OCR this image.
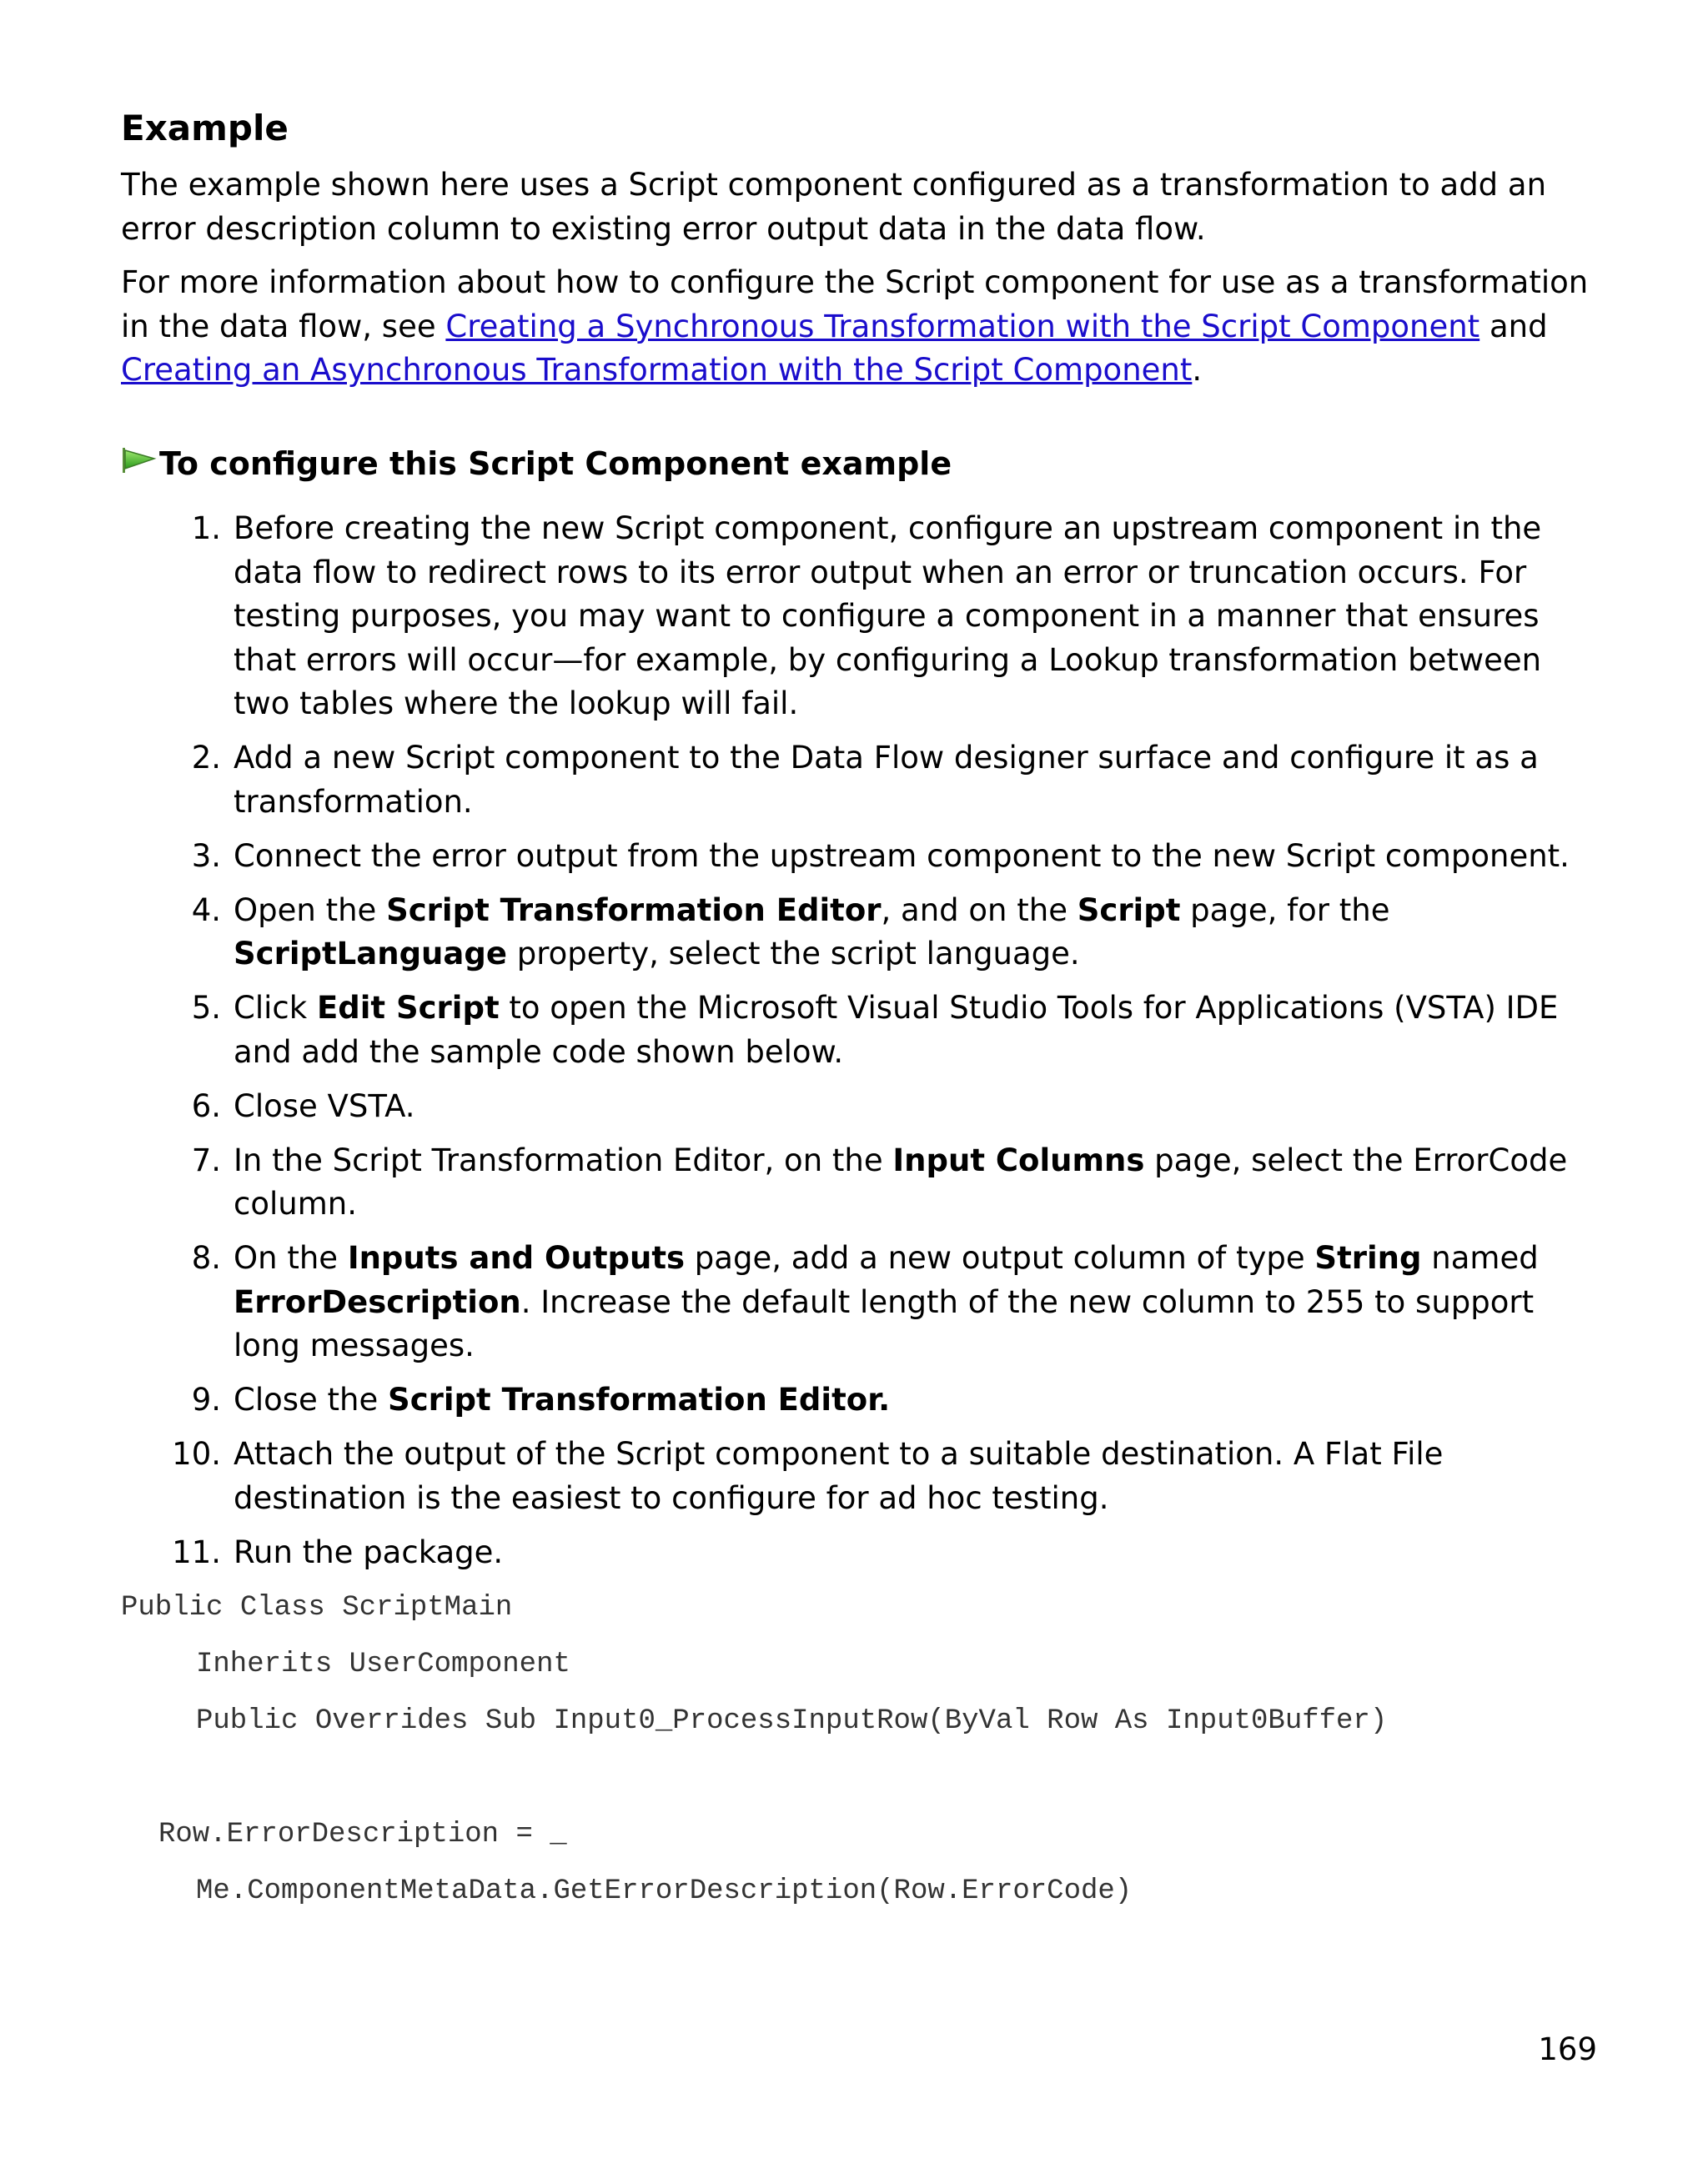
Example

The example shown here uses a Script component configured as a transformation to add an error description column to existing error output data in the data flow.

For more information about how to configure the Script component for use as a transformation in the data flow, see Creating a Synchronous Transformation with the Script Component and Creating an Asynchronous Transformation with the Script Component.

To configure this Script Component example
1. Before creating the new Script component, configure an upstream component in the data flow to redirect rows to its error output when an error or truncation occurs. For testing purposes, you may want to configure a component in a manner that ensures that errors will occur—for example, by configuring a Lookup transformation between two tables where the lookup will fail.
2. Add a new Script component to the Data Flow designer surface and configure it as a transformation.
3. Connect the error output from the upstream component to the new Script component.
4. Open the Script Transformation Editor, and on the Script page, for the ScriptLanguage property, select the script language.
5. Click Edit Script to open the Microsoft Visual Studio Tools for Applications (VSTA) IDE and add the sample code shown below.
6. Close VSTA.
7. In the Script Transformation Editor, on the Input Columns page, select the ErrorCode column.
8. On the Inputs and Outputs page, add a new output column of type String named ErrorDescription. Increase the default length of the new column to 255 to support long messages.
9. Close the Script Transformation Editor.
10. Attach the output of the Script component to a suitable destination. A Flat File destination is the easiest to configure for ad hoc testing.
11. Run the package.
Public Class ScriptMain
Inherits UserComponent
Public Overrides Sub Input0_ProcessInputRow(ByVal Row As Input0Buffer)
Row.ErrorDescription = _
Me.ComponentMetaData.GetErrorDescription(Row.ErrorCode)

169
